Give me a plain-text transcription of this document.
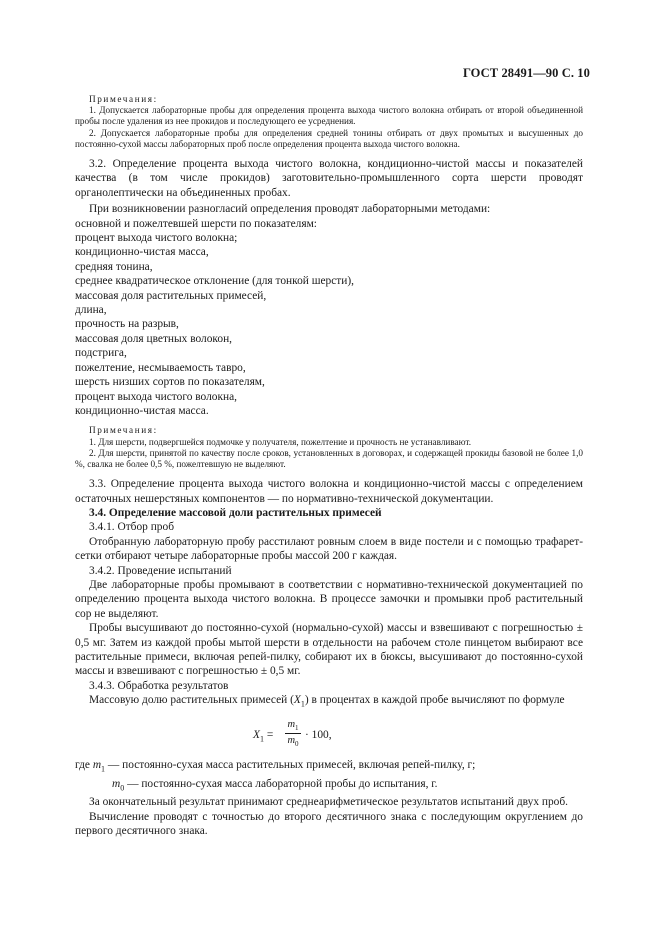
ГОСТ 28491—90 С. 10

Примечания:

1. Допускается лабораторные пробы для определения процента выхода чистого волокна отбирать от второй объединенной пробы после удаления из нее прокидов и последующего ее усреднения.

2. Допускается лабораторные пробы для определения средней тонины отбирать от двух промытых и высушенных до постоянно-сухой массы лабораторных проб после определения процента выхода чистого волокна.

3.2. Определение процента выхода чистого волокна, кондиционно-чистой массы и показателей качества (в том числе прокидов) заготовительно-промышленного сорта шерсти проводят органолептически на объединенных пробах.

При возникновении разногласий определения проводят лабораторными методами:

основной и пожелтевшей шерсти по показателям:

процент выхода чистого волокна;

кондиционно-чистая масса,

средняя тонина,

среднее квадратическое отклонение (для тонкой шерсти),

массовая доля растительных примесей,

длина,

прочность на разрыв,

массовая доля цветных волокон,

подстрига,

пожелтение, несмываемость тавро,

шерсть низших сортов по показателям,

процент выхода чистого волокна,

кондиционно-чистая масса.

Примечания:

1. Для шерсти, подвергшейся подмочке у получателя, пожелтение и прочность не устанавливают.

2. Для шерсти, принятой по качеству после сроков, установленных в договорах, и содержащей прокиды базовой не более 1,0 %, свалка не более 0,5 %, пожелтевшую не выделяют.

3.3. Определение процента выхода чистого волокна и кондиционно-чистой массы с определением остаточных нешерстяных компонентов — по нормативно-технической документации.

3.4. Определение массовой доли растительных примесей

3.4.1. Отбор проб

Отобранную лабораторную пробу расстилают ровным слоем в виде постели и с помощью трафарет-сетки отбирают четыре лабораторные пробы массой 200 г каждая.

3.4.2. Проведение испытаний

Две лабораторные пробы промывают в соответствии с нормативно-технической документацией по определению процента выхода чистого волокна. В процессе замочки и промывки проб растительный сор не выделяют.

Пробы высушивают до постоянно-сухой (нормально-сухой) массы и взвешивают с погрешностью ± 0,5 мг. Затем из каждой пробы мытой шерсти в отдельности на рабочем столе пинцетом выбирают все растительные примеси, включая репей-пилку, собирают их в бюксы, высушивают до постоянно-сухой массы и взвешивают с погрешностью ± 0,5 мг.

3.4.3. Обработка результатов

Массовую долю растительных примесей $(X_1)$ в процентах в каждой пробе вычисляют по формуле

$X_1 = \frac{m_1}{m_0} \cdot 100$,

где $m_1$ — постоянно-сухая масса растительных примесей, включая репей-пилку, г;

$m_0$ — постоянно-сухая масса лабораторной пробы до испытания, г.

За окончательный результат принимают среднеарифметическое результатов испытаний двух проб.

Вычисление проводят с точностью до второго десятичного знака с последующим округлением до первого десятичного знака.
